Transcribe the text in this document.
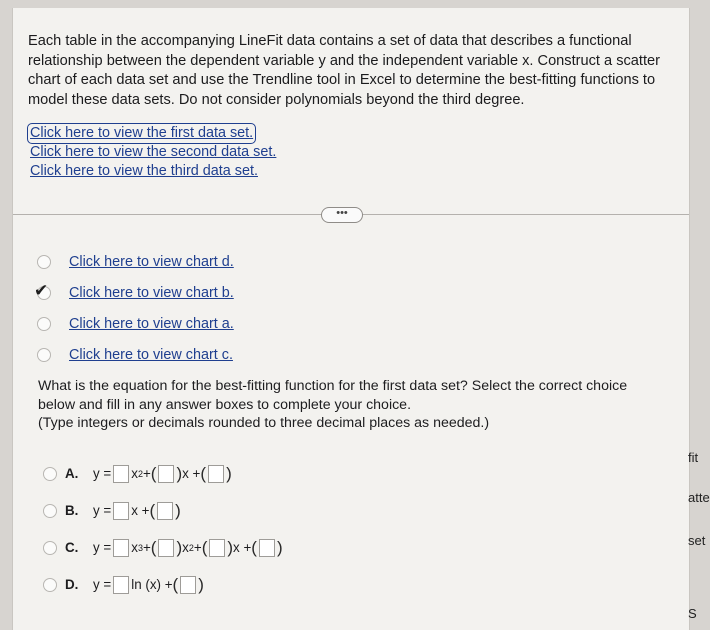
Each table in the accompanying LineFit data contains a set of data that describes a functional relationship between the dependent variable y and the independent variable x. Construct a scatter chart of each data set and use the Trendline tool in Excel to determine the best-fitting functions to model these data sets. Do not consider polynomials beyond the third degree.
Click here to view the first data set.
Click here to view the second data set.
Click here to view the third data set.
•••
Click here to view chart d.
✔ Click here to view chart b.
Click here to view chart a.
Click here to view chart c.
What is the equation for the best-fitting function for the first data set? Select the correct choice below and fill in any answer boxes to complete your choice.
(Type integers or decimals rounded to three decimal places as needed.)
A.	y = x 2 + ( ) x + ( )
B.	y = x + ( )
C.	y = x 3 + ( ) x 2 + ( ) x + ( )
D.	y = ln (x) + ( )
fit
atte
set
S
